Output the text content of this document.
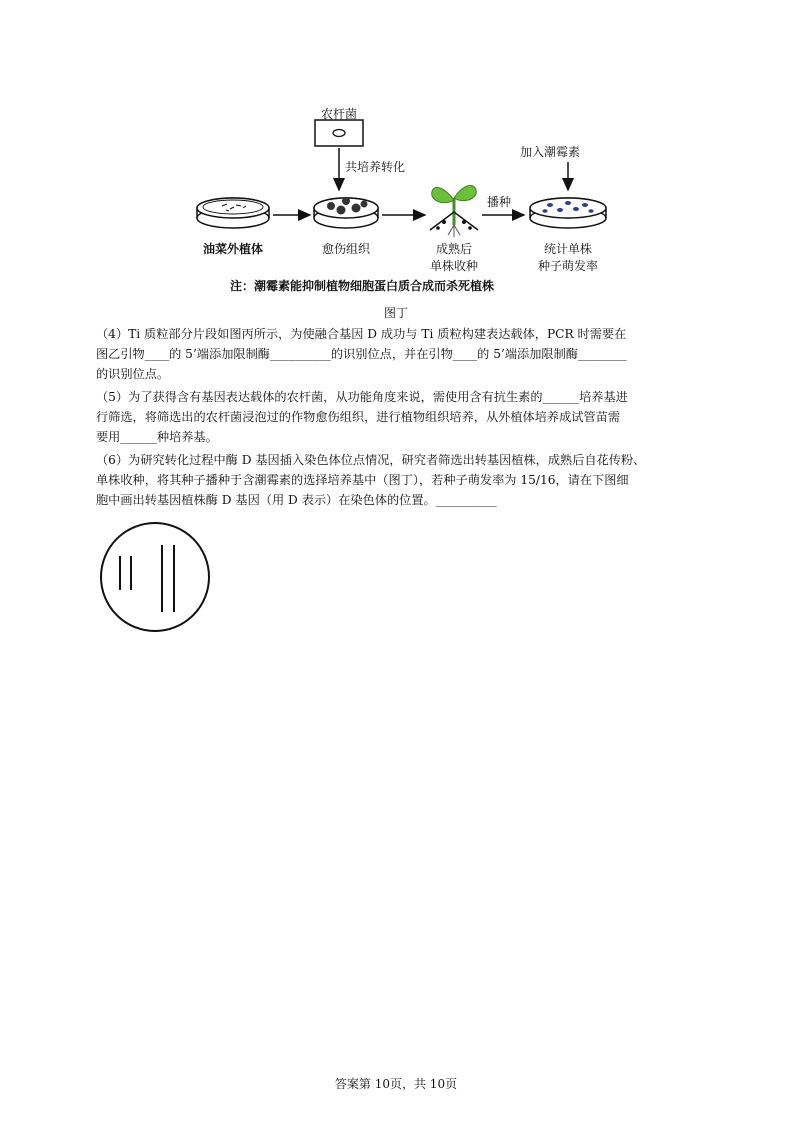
农杆菌
共培养转化
加入潮霉素
播种
油菜外植体	愈伤组织	成熟后
单株收种
统计单株
种子萌发率
注：潮霉素能抑制植物细胞蛋白质合成而杀死植株
图丁
（4）Ti 质粒部分片段如图丙所示，为使融合基因 D 成功与 Ti 质粒构建表达载体，PCR 时需要在
图乙引物____的 5’端添加限制酶__________的识别位点，并在引物____的 5’端添加限制酶________
的识别位点。
（5）为了获得含有基因表达载体的农杆菌，从功能角度来说，需使用含有抗生素的______培养基进
行筛选，将筛选出的农杆菌浸泡过的作物愈伤组织，进行植物组织培养，从外植体培养成试管苗需
要用______种培养基。
（6）为研究转化过程中酶 D 基因插入染色体位点情况，研究者筛选出转基因植株，成熟后自花传粉、
单株收种，将其种子播种于含潮霉素的选择培养基中（图丁），若种子萌发率为 15/16，请在下图细
胞中画出转基因植株酶 D 基因（用 D 表示）在染色体的位置。__________
答案第 10页，共 10页
